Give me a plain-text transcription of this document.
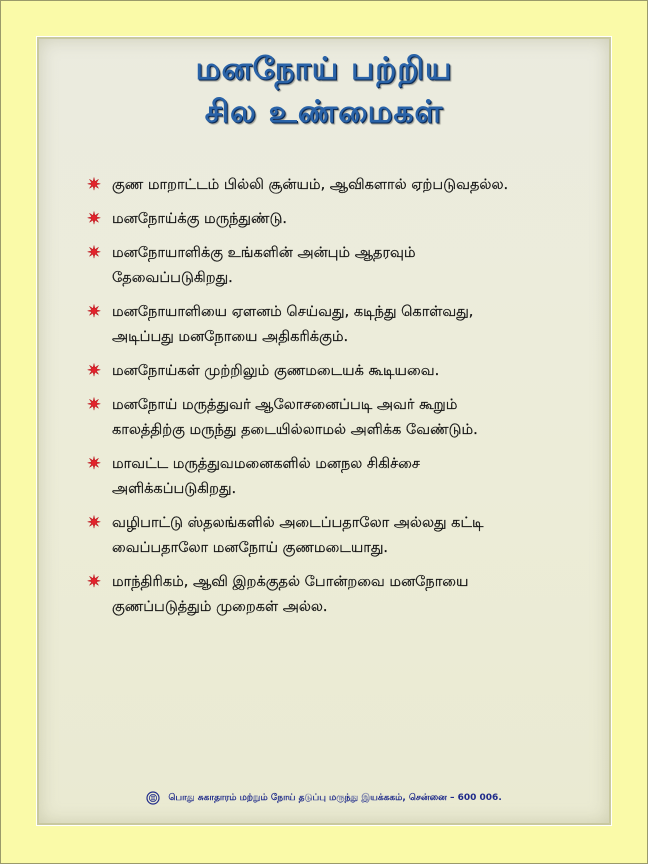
மனநோய் பற்றிய
சில உண்மைகள்
✷ குண மாறாட்டம் பில்லி சூன்யம், ஆவிகளால் ஏற்படுவதல்ல.
✷ மனநோய்க்கு மருந்துண்டு.
✷ மனநோயாளிக்கு உங்களின் அன்பும் ஆதரவும்
தேவைப்படுகிறது.
✷ மனநோயாளியை ஏளனம் செய்வது, கடிந்து கொள்வது,
அடிப்பது மனநோயை அதிகரிக்கும்.
✷ மனநோய்கள் முற்றிலும் குணமடையக் கூடியவை.
✷ மனநோய் மருத்துவர் ஆலோசனைப்படி அவர் கூறும்
காலத்திற்கு மருந்து தடையில்லாமல் அளிக்க வேண்டும்.
✷ மாவட்ட மருத்துவமனைகளில் மனநல சிகிச்சை
அளிக்கப்படுகிறது.
✷ வழிபாட்டு ஸ்தலங்களில் அடைப்பதாலோ அல்லது கட்டி
வைப்பதாலோ மனநோய் குணமடையாது.
✷ மாந்திரிகம், ஆவி இறக்குதல் போன்றவை மனநோயை
குணப்படுத்தும் முறைகள் அல்ல.
பொது சுகாதாரம் மற்றும் நோய் தடுப்பு மருந்து இயக்ககம், சென்னை – 600 006.
